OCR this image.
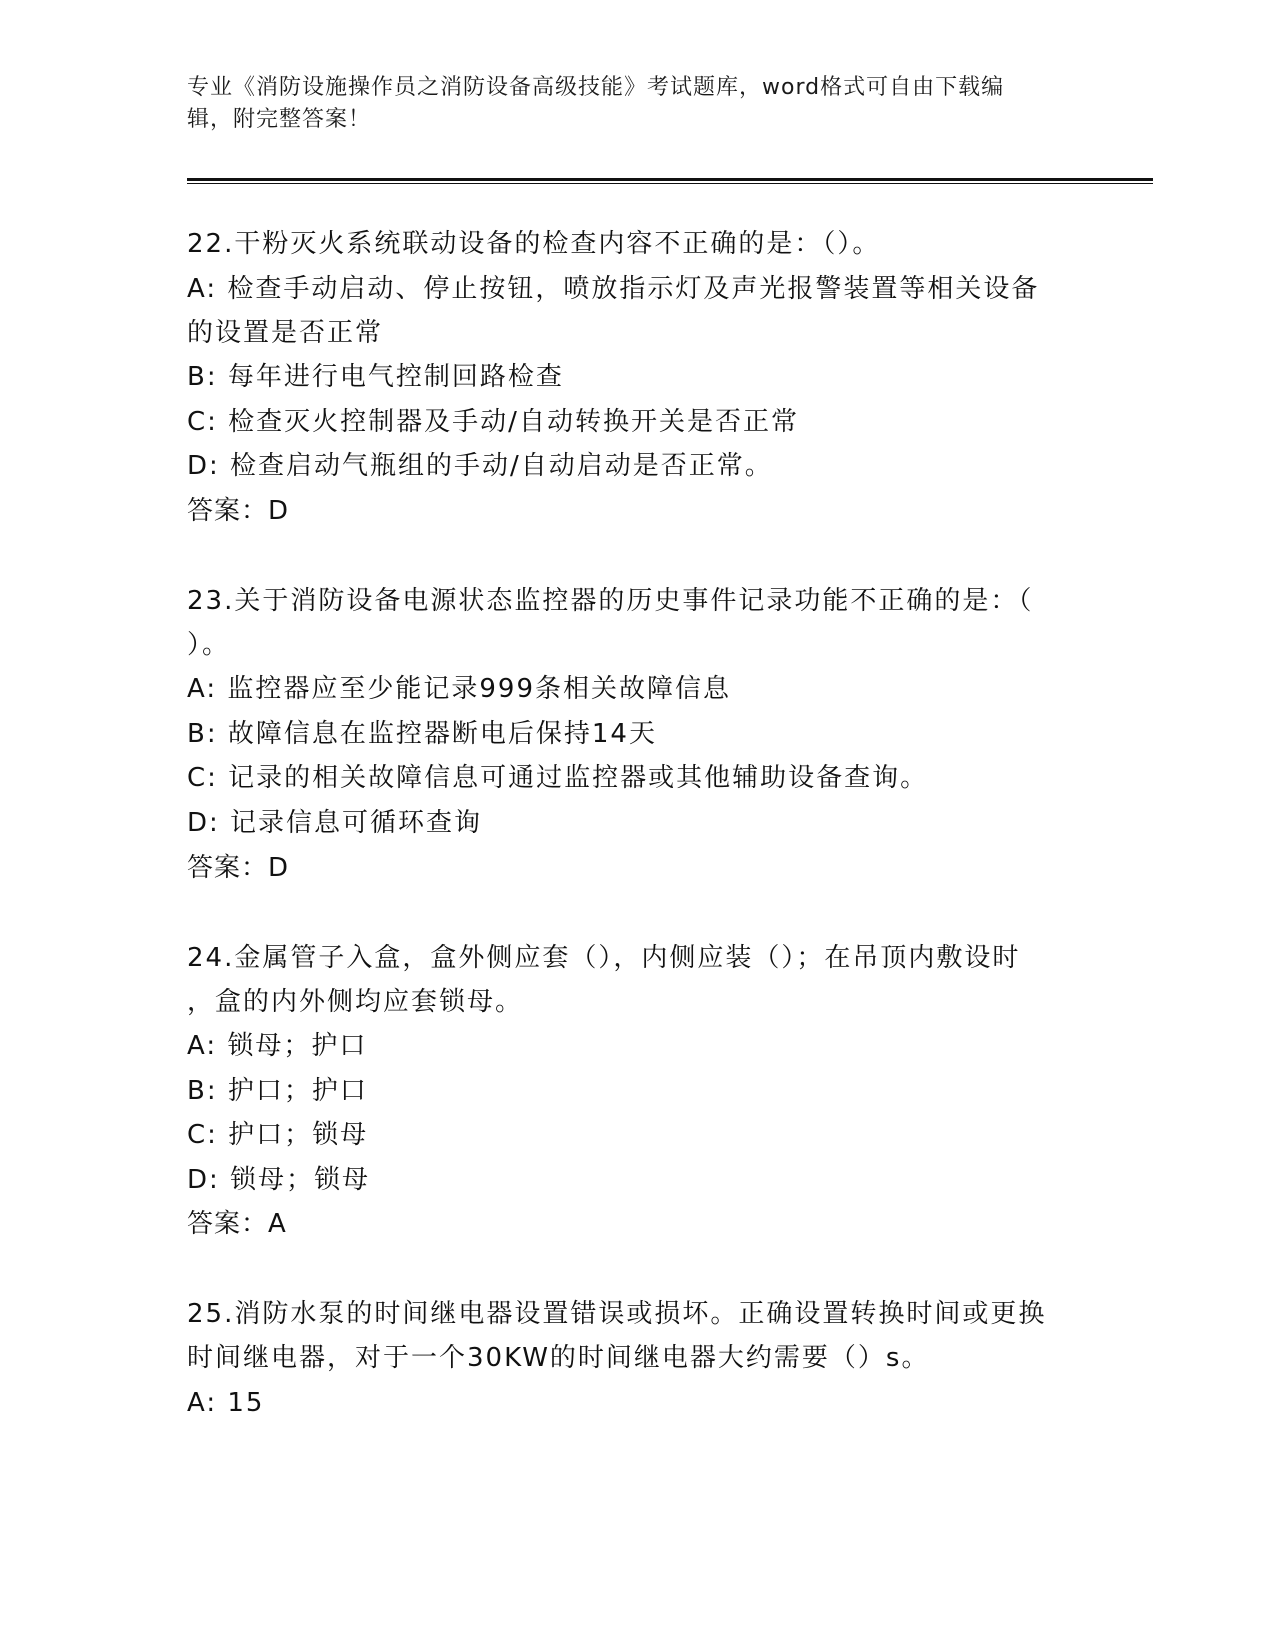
专业《消防设施操作员之消防设备高级技能》考试题库，word格式可自由下载编
辑，附完整答案！
22.干粉灭火系统联动设备的检查内容不正确的是：（）。
A: 检查手动启动、停止按钮，喷放指示灯及声光报警装置等相关设备
的设置是否正常
B: 每年进行电气控制回路检查
C: 检查灭火控制器及手动/自动转换开关是否正常
D: 检查启动气瓶组的手动/自动启动是否正常。
答案：D
23.关于消防设备电源状态监控器的历史事件记录功能不正确的是：（
）。
A: 监控器应至少能记录999条相关故障信息
B: 故障信息在监控器断电后保持14天
C: 记录的相关故障信息可通过监控器或其他辅助设备查询。
D: 记录信息可循环查询
答案：D
24.金属管子入盒，盒外侧应套（），内侧应装（）；在吊顶内敷设时
，盒的内外侧均应套锁母。
A: 锁母；护口
B: 护口；护口
C: 护口；锁母
D: 锁母；锁母
答案：A
25.消防水泵的时间继电器设置错误或损坏。正确设置转换时间或更换
时间继电器，对于一个30KW的时间继电器大约需要（）s。
A: 15
